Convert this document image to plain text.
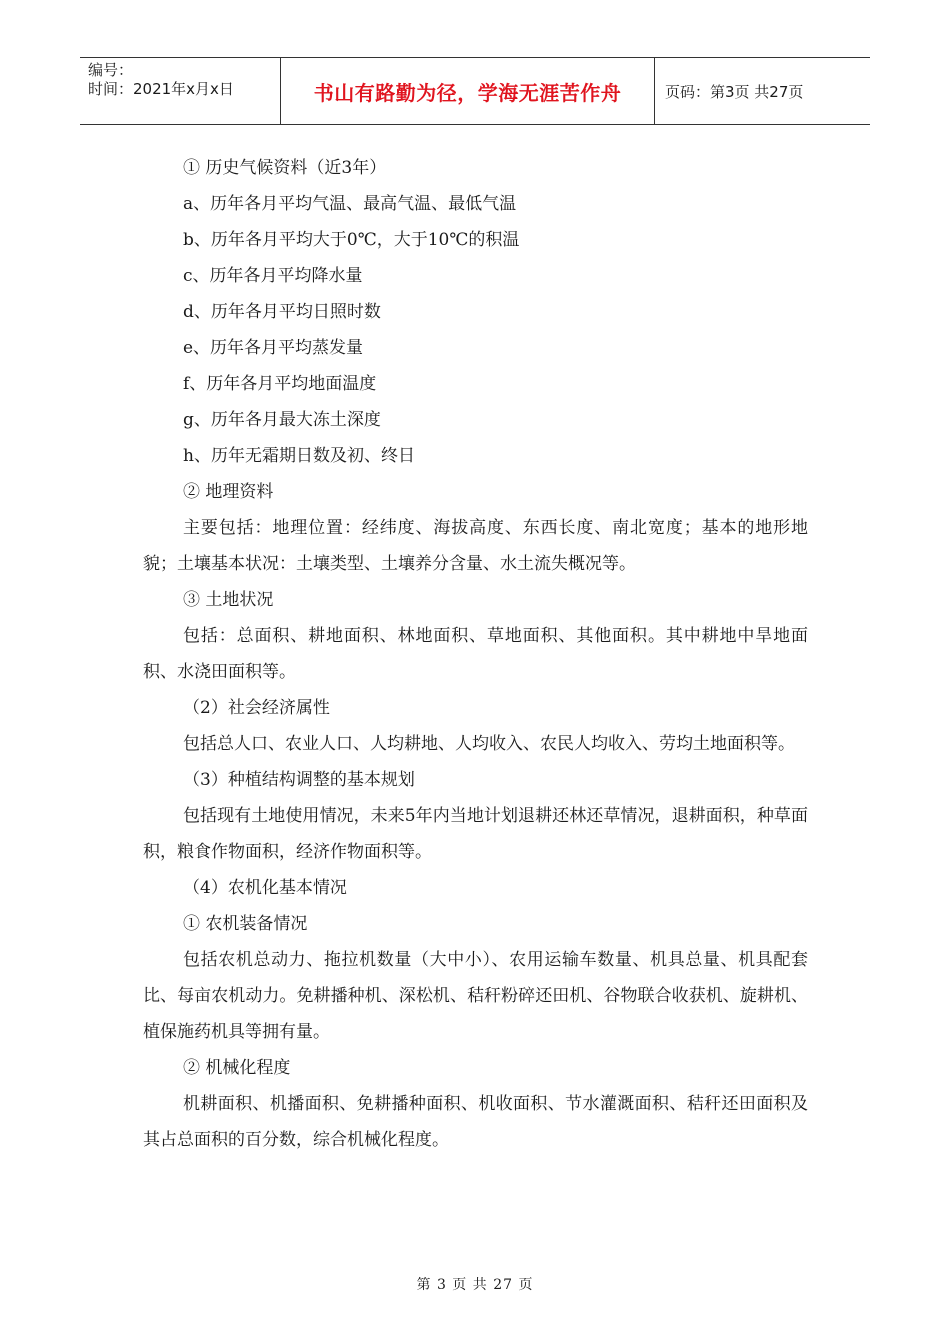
编号：
时间：2021年x月x日	书山有路勤为径，学海无涯苦作舟	页码：第3页 共27页

① 历史气候资料（近3年）

a、历年各月平均气温、最高气温、最低气温

b、历年各月平均大于0℃，大于10℃的积温

c、历年各月平均降水量

d、历年各月平均日照时数

e、历年各月平均蒸发量

f、历年各月平均地面温度

g、历年各月最大冻土深度

h、历年无霜期日数及初、终日

② 地理资料

主要包括：地理位置：经纬度、海拔高度、东西长度、南北宽度；基本的地形地貌；土壤基本状况：土壤类型、土壤养分含量、水土流失概况等。

③ 土地状况

包括：总面积、耕地面积、林地面积、草地面积、其他面积。其中耕地中旱地面积、水浇田面积等。

（2）社会经济属性

包括总人口、农业人口、人均耕地、人均收入、农民人均收入、劳均土地面积等。

（3）种植结构调整的基本规划

包括现有土地使用情况，未来5年内当地计划退耕还林还草情况，退耕面积，种草面积，粮食作物面积，经济作物面积等。

（4）农机化基本情况

① 农机装备情况

包括农机总动力、拖拉机数量（大中小）、农用运输车数量、机具总量、机具配套比、每亩农机动力。免耕播种机、深松机、秸秆粉碎还田机、谷物联合收获机、旋耕机、植保施药机具等拥有量。

② 机械化程度

机耕面积、机播面积、免耕播种面积、机收面积、节水灌溉面积、秸秆还田面积及其占总面积的百分数，综合机械化程度。

第 3 页 共 27 页
